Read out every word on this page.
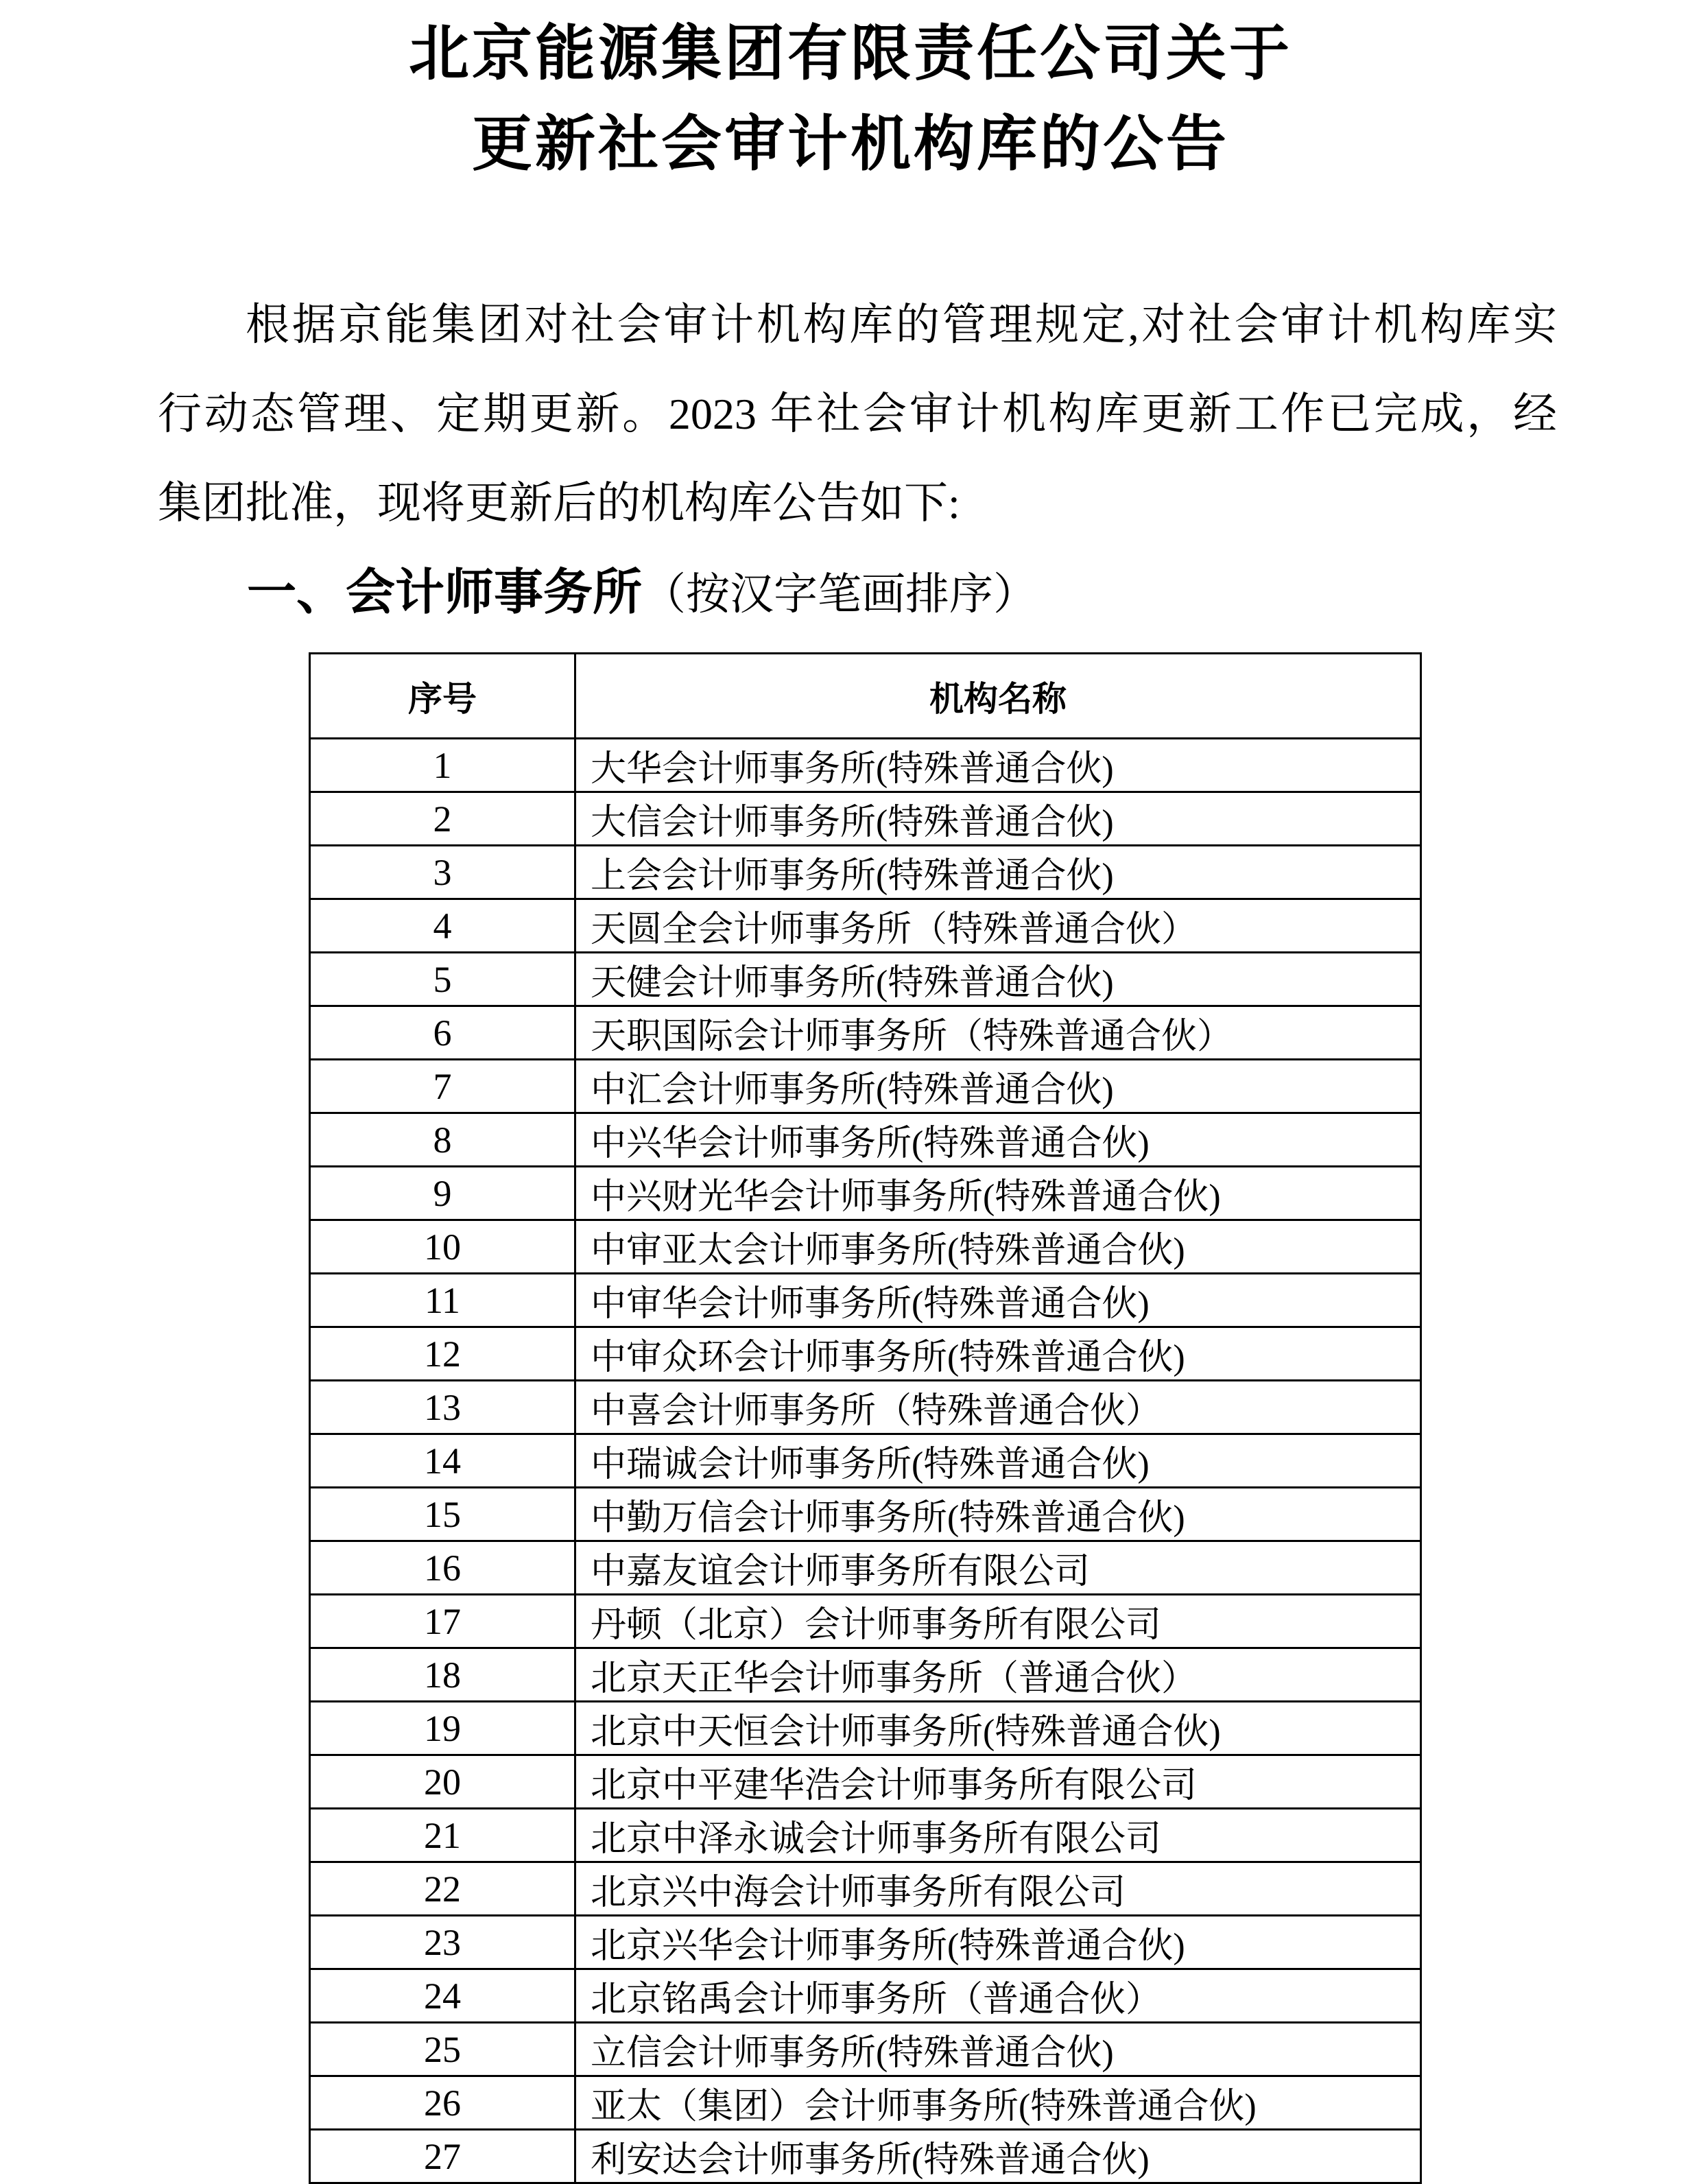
北京能源集团有限责任公司关于
更新社会审计机构库的公告
根据京能集团对社会审计机构库的管理规定,对社会审计机构库实
行动态管理、定期更新。2023 年社会审计机构库更新工作已完成，经
集团批准，现将更新后的机构库公告如下:
一、会计师事务所（按汉字笔画排序）
序号	机构名称
1	大华会计师事务所(特殊普通合伙)
2	大信会计师事务所(特殊普通合伙)
3	上会会计师事务所(特殊普通合伙)
4	天圆全会计师事务所（特殊普通合伙）
5	天健会计师事务所(特殊普通合伙)
6	天职国际会计师事务所（特殊普通合伙）
7	中汇会计师事务所(特殊普通合伙)
8	中兴华会计师事务所(特殊普通合伙)
9	中兴财光华会计师事务所(特殊普通合伙)
10	中审亚太会计师事务所(特殊普通合伙)
11	中审华会计师事务所(特殊普通合伙)
12	中审众环会计师事务所(特殊普通合伙)
13	中喜会计师事务所（特殊普通合伙）
14	中瑞诚会计师事务所(特殊普通合伙)
15	中勤万信会计师事务所(特殊普通合伙)
16	中嘉友谊会计师事务所有限公司
17	丹顿（北京）会计师事务所有限公司
18	北京天正华会计师事务所（普通合伙）
19	北京中天恒会计师事务所(特殊普通合伙)
20	北京中平建华浩会计师事务所有限公司
21	北京中泽永诚会计师事务所有限公司
22	北京兴中海会计师事务所有限公司
23	北京兴华会计师事务所(特殊普通合伙)
24	北京铭禹会计师事务所（普通合伙）
25	立信会计师事务所(特殊普通合伙)
26	亚太（集团）会计师事务所(特殊普通合伙)
27	利安达会计师事务所(特殊普通合伙)
